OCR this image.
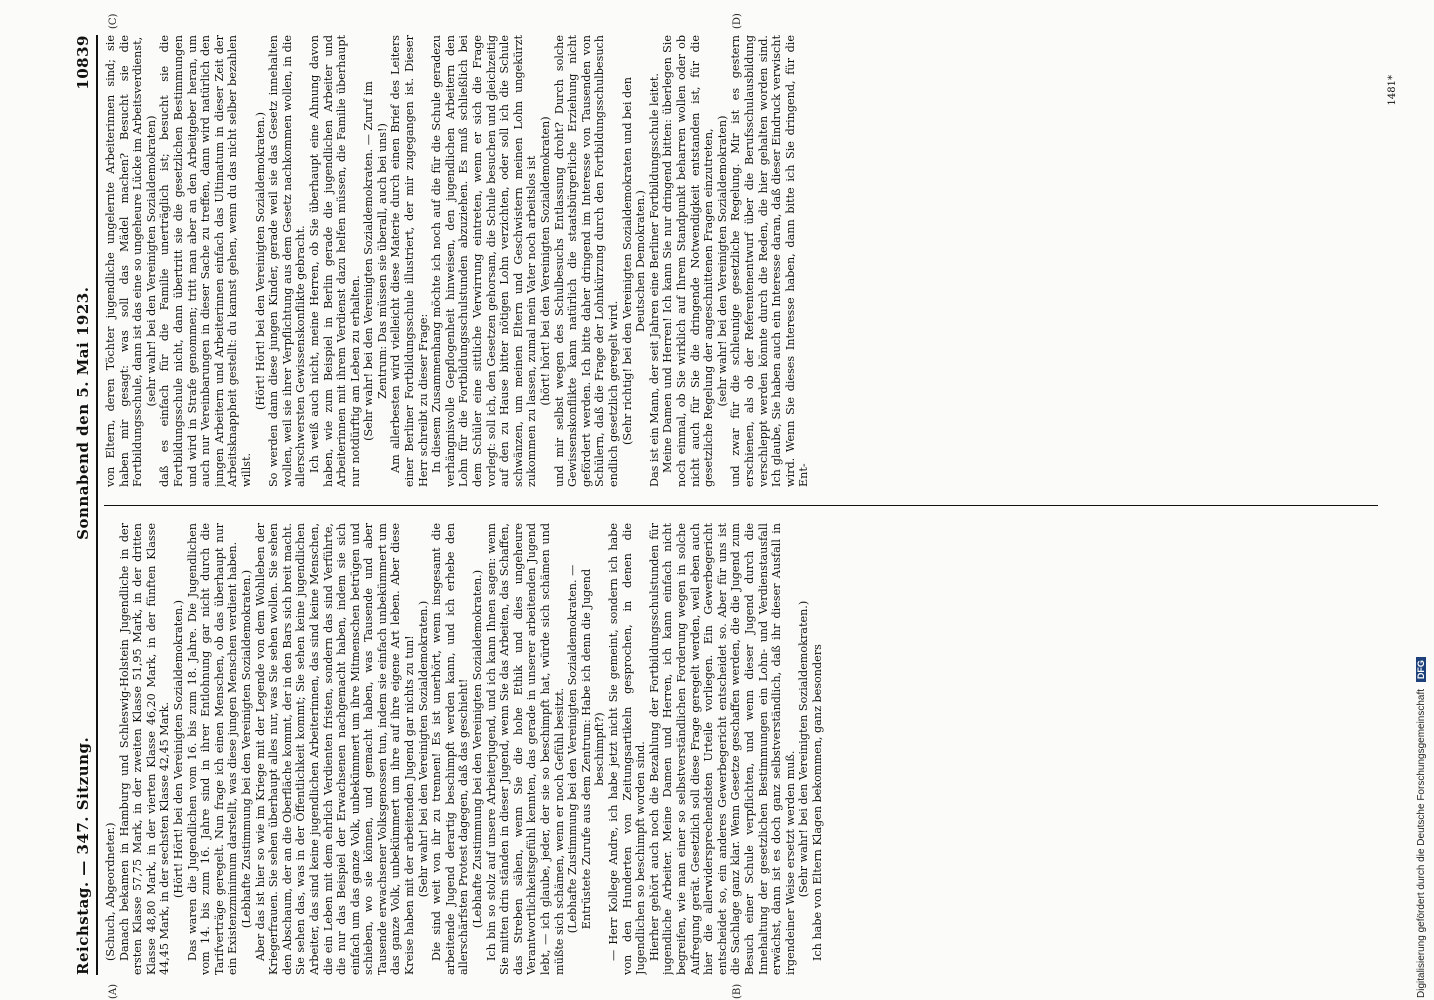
Reichstag. — 347. Sitzung.
Sonnabend den 5. Mai 1923.
10839

(Schuch, Abgeordneter.) Danach bekamen in Hamburg und Schleswig-Holstein Jugendliche in der ersten Klasse 57,75 Mark, in der zweiten Klasse 51,95 Mark, in der dritten Klasse 48,80 Mark, in der vierten Klasse 46,20 Mark, in der fünften Klasse 44,45 Mark, in der sechsten Klasse 42,45 Mark. (Hört! Hört! bei den Vereinigten Sozialdemokraten.) Das waren die Jugendlichen vom 16. bis zum 18. Jahre. Die Jugendlichen vom 14. bis zum 16. Jahre sind in ihrer Entlohnung gar nicht durch die Tarifverträge geregelt. Nun frage ich einen Menschen, ob das überhaupt nur ein Existenzminimum darstellt, was diese jungen Menschen verdient haben. (Lebhafte Zustimmung bei den Vereinigten Sozialdemokraten.) Aber das ist hier so wie im Kriege mit der Legende von dem Wohlleben der Kriegerfrauen. Sie sehen überhaupt alles nur, was Sie sehen wollen. Sie sehen den Abschaum, der an die Oberfläche kommt, der in den Bars sich breit macht. Sie sehen das, was in der Öffentlichkeit kommt; Sie sehen keine jugendlichen Arbeiter, das sind keine jugendlichen Arbeiterinnen, das sind keine Menschen, die ein Leben mit dem ehrlich Verdienten fristen, sondern das sind Verführte, die nur das Beispiel der Erwachsenen nachgemacht haben, indem sie sich einfach um das ganze Volk, unbekümmert um ihre Mitmenschen betrügen und schieben, wo sie können, und gemacht haben, was Tausende und aber Tausende erwachsener Volksgenossen tun, indem sie einfach unbekümmert um das ganze Volk, unbekümmert um ihre auf ihre eigene Art leben. Aber diese Kreise haben mit der arbeitenden Jugend gar nichts zu tun! (Sehr wahr! bei den Vereinigten Sozialdemokraten.) Die sind weit von ihr zu trennen! Es ist unerhört, wenn insgesamt die arbeitende Jugend derartig beschimpft werden kann, und ich erhebe den allerschärfsten Protest dagegen, daß das geschieht! (Lebhafte Zustimmung bei den Vereinigten Sozialdemokraten.) Ich bin so stolz auf unsere Arbeiterjugend, und ich kann Ihnen sagen: wenn Sie mitten drin ständen in dieser Jugend, wenn Sie das Arbeiten, das Schaffen, das Streben sähen, wenn Sie die hohe Ethik und dies ungeheure Verantwortlichkeitsgefühl kennten, das gerade in unserer arbeitenden Jugend lebt, — ich glaube, jeder, der sie so beschimpft hat, würde sich schämen und müßte sich schämen, wenn er noch Gefühl besitzt. (Lebhafte Zustimmung bei den Vereinigten Sozialdemokraten. — Entrüstete Zurufe aus dem Zentrum: Habe ich denn die Jugend beschimpft?) — Herr Kollege Andre, ich habe jetzt nicht Sie gemeint, sondern ich habe von den Hunderten von Zeitungsartikeln gesprochen, in denen die Jugendlichen so beschimpft worden sind. Hierher gehört auch noch die Bezahlung der Fortbildungsschulstunden für jugendliche Arbeiter. Meine Damen und Herren, ich kann einfach nicht begreifen, wie man einer so selbstverständlichen Forderung wegen in solche Aufregung gerät. Gesetzlich soll diese Frage geregelt werden, weil eben auch hier die allerwidersprechendsten Urteile vorliegen. Ein Gewerbegericht entscheidet so, ein anderes Gewerbegericht entscheidet so. Aber für uns ist die Sachlage ganz klar. Wenn Gesetze geschaffen werden, die die Jugend zum Besuch einer Schule verpflichten, und wenn dieser Jugend durch die Innehaltung der gesetzlichen Bestimmungen ein Lohn- und Verdienstausfall erwächst, dann ist es doch ganz selbstverständlich, daß ihr dieser Ausfall in irgendeiner Weise ersetzt werden muß. (Sehr wahr! bei den Vereinigten Sozialdemokraten.) Ich habe von Eltern Klagen bekommen, ganz besonders

von Eltern, deren Töchter jugendliche ungelernte Arbeiterinnen sind; sie haben mir gesagt: was soll das Mädel machen? Besucht sie die Fortbildungsschule, dann ist das eine so ungeheure Lücke im Arbeitsverdienst, (sehr wahr! bei den Vereinigten Sozialdemokraten) daß es einfach für die Familie unerträglich ist; besucht sie die Fortbildungsschule nicht, dann übertritt sie die gesetzlichen Bestimmungen und wird in Strafe genommen; tritt man aber an den Arbeitgeber heran, um auch nur Vereinbarungen in dieser Sache zu treffen, dann wird natürlich den jungen Arbeitern und Arbeiterinnen einfach das Ultimatum in dieser Zeit der Arbeitsknappheit gestellt: du kannst gehen, wenn du das nicht selber bezahlen willst.

(Hört! Hört! bei den Vereinigten Sozialdemokraten.) So werden dann diese jungen Kinder, gerade weil sie das Gesetz innehalten wollen, weil sie ihrer Verpflichtung aus dem Gesetz nachkommen wollen, in die allerschwersten Gewissenskonflikte gebracht. Ich weiß auch nicht, meine Herren, ob Sie überhaupt eine Ahnung davon haben, wie zum Beispiel in Berlin gerade die jugendlichen Arbeiter und Arbeiterinnen mit ihrem Verdienst dazu helfen müssen, die Familie überhaupt nur notdürftig am Leben zu erhalten. (Sehr wahr! bei den Vereinigten Sozialdemokraten. — Zuruf im Zentrum: Das müssen sie überall, auch bei uns!) Am allerbesten wird vielleicht diese Materie durch einen Brief des Leiters einer Berliner Fortbildungsschule illustriert, der mir zugegangen ist. Dieser Herr schreibt zu dieser Frage: In diesem Zusammenhang möchte ich noch auf die für die Schule geradezu verhängnisvolle Gepflogenheit hinweisen, den jugendlichen Arbeitern den Lohn für die Fortbildungsschulstunden abzuziehen. Es muß schließlich bei dem Schüler eine sittliche Verwirrung eintreten, wenn er sich die Frage vorlegt: soll ich, den Gesetzen gehorsam, die Schule besuchen und gleichzeitig auf den zu Hause bitter nötigen Lohn verzichten, oder soll ich die Schule schwänzen, um meinen Eltern und Geschwistern meinen Lohn ungekürzt zukommen zu lassen, zumal mein Vater noch arbeitslos ist (hört! hört! bei den Vereinigten Sozialdemokraten) und mir selbst wegen des Schulbesuchs Entlassung droht? Durch solche Gewissenskonflikte kann natürlich die staatsbürgerliche Erziehung nicht gefördert werden. Ich bitte daher dringend im Interesse von Tausenden von Schülern, daß die Frage der Lohnkürzung durch den Fortbildungsschulbesuch endlich gesetzlich geregelt wird. (Sehr richtig! bei den Vereinigten Sozialdemokraten und bei den Deutschen Demokraten.) Das ist ein Mann, der seit Jahren eine Berliner Fortbildungsschule leitet. Meine Damen und Herren! Ich kann Sie nur dringend bitten: überlegen Sie noch einmal, ob Sie wirklich auf Ihrem Standpunkt beharren wollen oder ob nicht auch für Sie die dringende Notwendigkeit entstanden ist, für die gesetzliche Regelung der angeschnittenen Fragen einzutreten, (sehr wahr! bei den Vereinigten Sozialdemokraten) und zwar für die schleunige gesetzliche Regelung. Mir ist es gestern erschienen, als ob der Referentenentwurf über die Berufsschulausbildung verschleppt werden könnte durch die Reden, die hier gehalten worden sind. Ich glaube, Sie haben auch ein Interesse daran, daß dieser Eindruck verwischt wird. Wenn Sie dieses Interesse haben, dann bitte ich Sie dringend, für die Ent-

(A)	(B)
(C)	(D)
1481*
Digitalisierung gefördert durch die Deutsche Forschungsgemeinschaft DFG
